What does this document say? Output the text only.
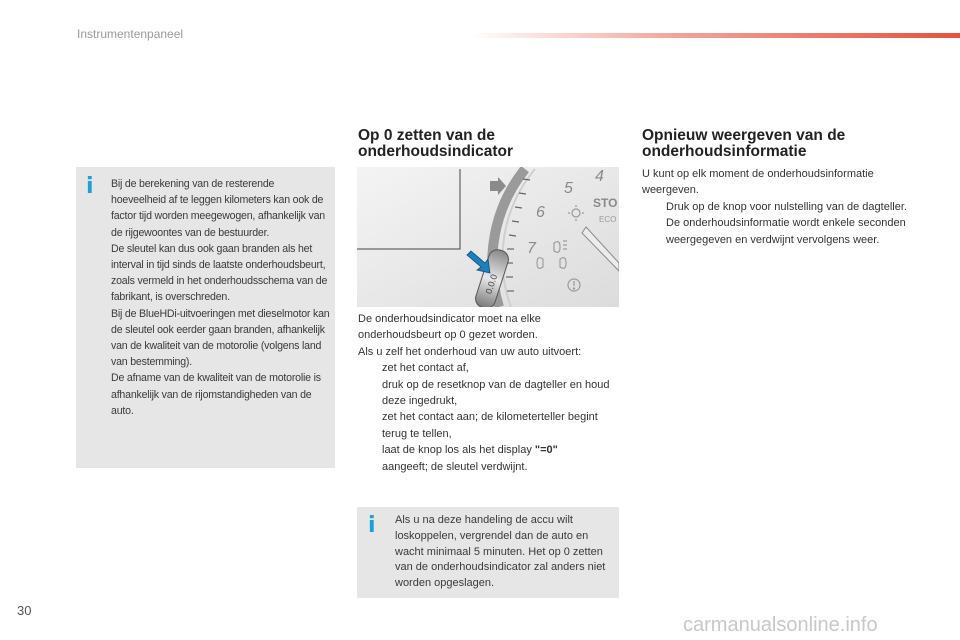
Instrumentenpaneel
i Bij de berekening van de resterende hoeveelheid af te leggen kilometers kan ook de factor tijd worden meegewogen, afhankelijk van de rijgewoontes van de bestuurder.
De sleutel kan dus ook gaan branden als het interval in tijd sinds de laatste onderhoudsbeurt, zoals vermeld in het onderhoudsschema van de fabrikant, is overschreden.
Bij de BlueHDi-uitvoeringen met dieselmotor kan de sleutel ook eerder gaan branden, afhankelijk van de kwaliteit van de motorolie (volgens land van bestemming).
De afname van de kwaliteit van de motorolie is afhankelijk van de rijomstandigheden van de auto.
Op 0 zetten van de onderhoudsindicator
4
5
6
7
STO
ECO
0.0.0
De onderhoudsindicator moet na elke onderhoudsbeurt op 0 gezet worden.
Als u zelf het onderhoud van uw auto uitvoert:
zet het contact af,
druk op de resetknop van de dagteller en houd deze ingedrukt,
zet het contact aan; de kilometerteller begint terug te tellen,
laat de knop los als het display "=0"
aangeeft; de sleutel verdwijnt.
i Als u na deze handeling de accu wilt loskoppelen, vergrendel dan de auto en wacht minimaal 5 minuten. Het op 0 zetten van de onderhoudsindicator zal anders niet worden opgeslagen.
Opnieuw weergeven van de onderhoudsinformatie
U kunt op elk moment de onderhoudsinformatie weergeven.
Druk op de knop voor nulstelling van de dagteller.
De onderhoudsinformatie wordt enkele seconden weergegeven en verdwijnt vervolgens weer.
30
carmanualsonline.info
